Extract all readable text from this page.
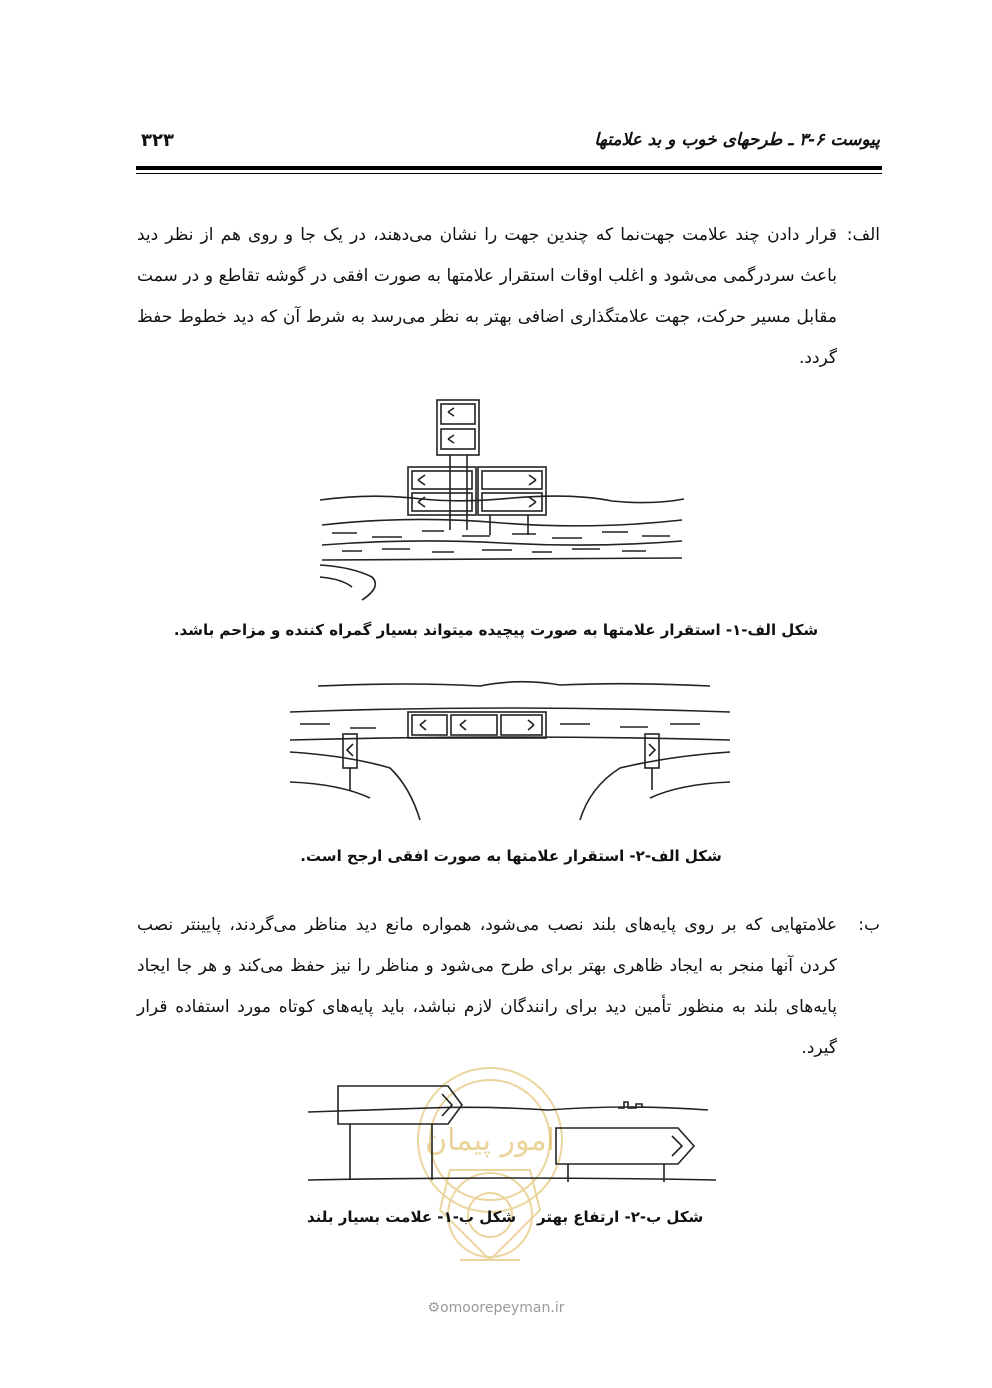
پیوست ۶-۳ ـ طرحهای خوب و بد علامتها
۳۲۳
الف:
قرار دادن چند علامت جهت‌نما که چندین جهت را نشان می‌دهند، در یک جا و روی هم از نظر دید باعث سردرگمی می‌شود و اغلب اوقات استقرار علامتها به صورت افقی در گوشه تقاطع و در سمت مقابل مسیر حرکت، جهت علامتگذاری اضافی بهتر به نظر می‌رسد به شرط آن که دید خطوط حفظ گردد.
شکل الف-۱- استقرار علامتها به صورت پیچیده میتواند بسیار گمراه کننده و مزاحم باشد.
شکل الف-۲- استقرار علامتها به صورت افقی ارجح است.
ب:
علامتهایی که بر روی پایه‌های بلند نصب می‌شود، همواره مانع دید مناظر می‌گردند، پایینتر نصب کردن آنها منجر به ایجاد ظاهری بهتر برای طرح می‌شود و مناظر را نیز حفظ می‌کند و هر جا ایجاد پایه‌های بلند به منظور تأمین دید برای رانندگان لازم نباشد، باید پایه‌های کوتاه مورد استفاده قرار گیرد.
امور پیمان
شکل ب-۱- علامت بسیار بلند شکل ب-۲- ارتفاع بهتر
⚙omoorepeyman.ir
